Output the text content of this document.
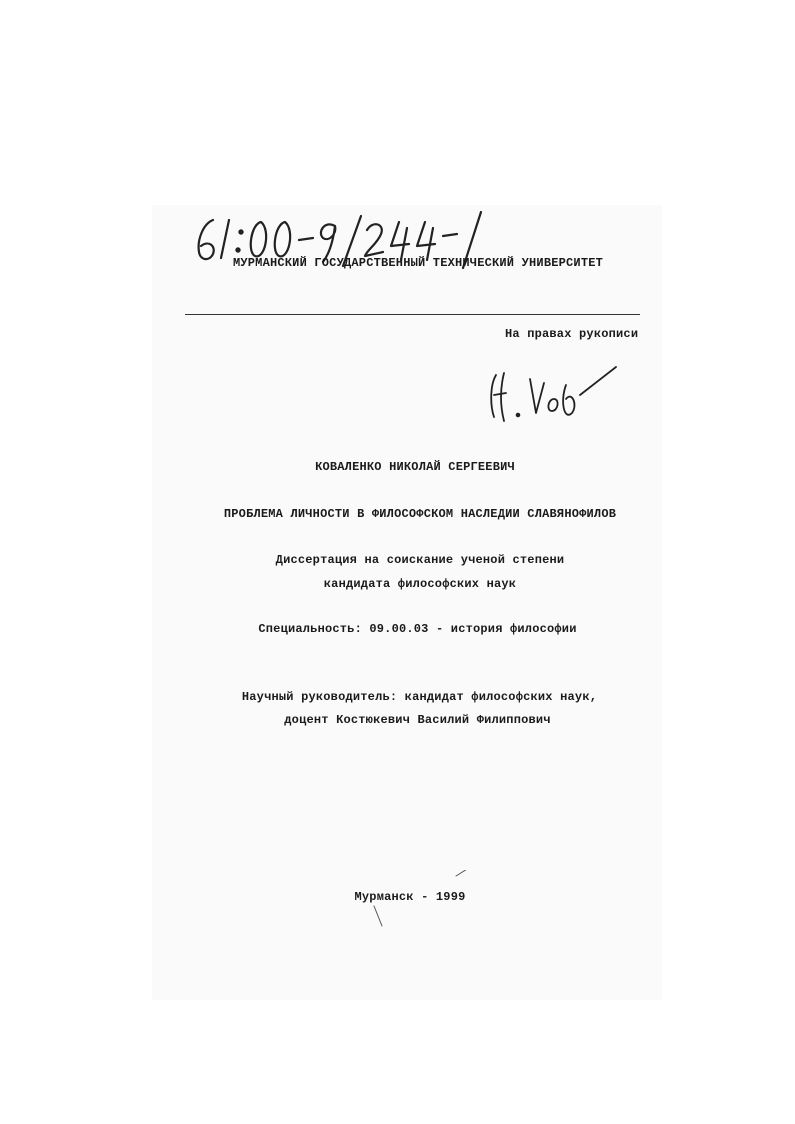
МУРМАНСКИЙ ГОСУДАРСТВЕННЫЙ ТЕХНИЧЕСКИЙ УНИВЕРСИТЕТ
На правах рукописи
КОВАЛЕНКО НИКОЛАЙ СЕРГЕЕВИЧ
ПРОБЛЕМА ЛИЧНОСТИ В ФИЛОСОФСКОМ НАСЛЕДИИ СЛАВЯНОФИЛОВ
Диссертация на соискание ученой степени
кандидата философских наук
Специальность: 09.00.03 - история философии
Научный руководитель: кандидат философских наук,
доцент Костюкевич Василий Филиппович
Мурманск - 1999
